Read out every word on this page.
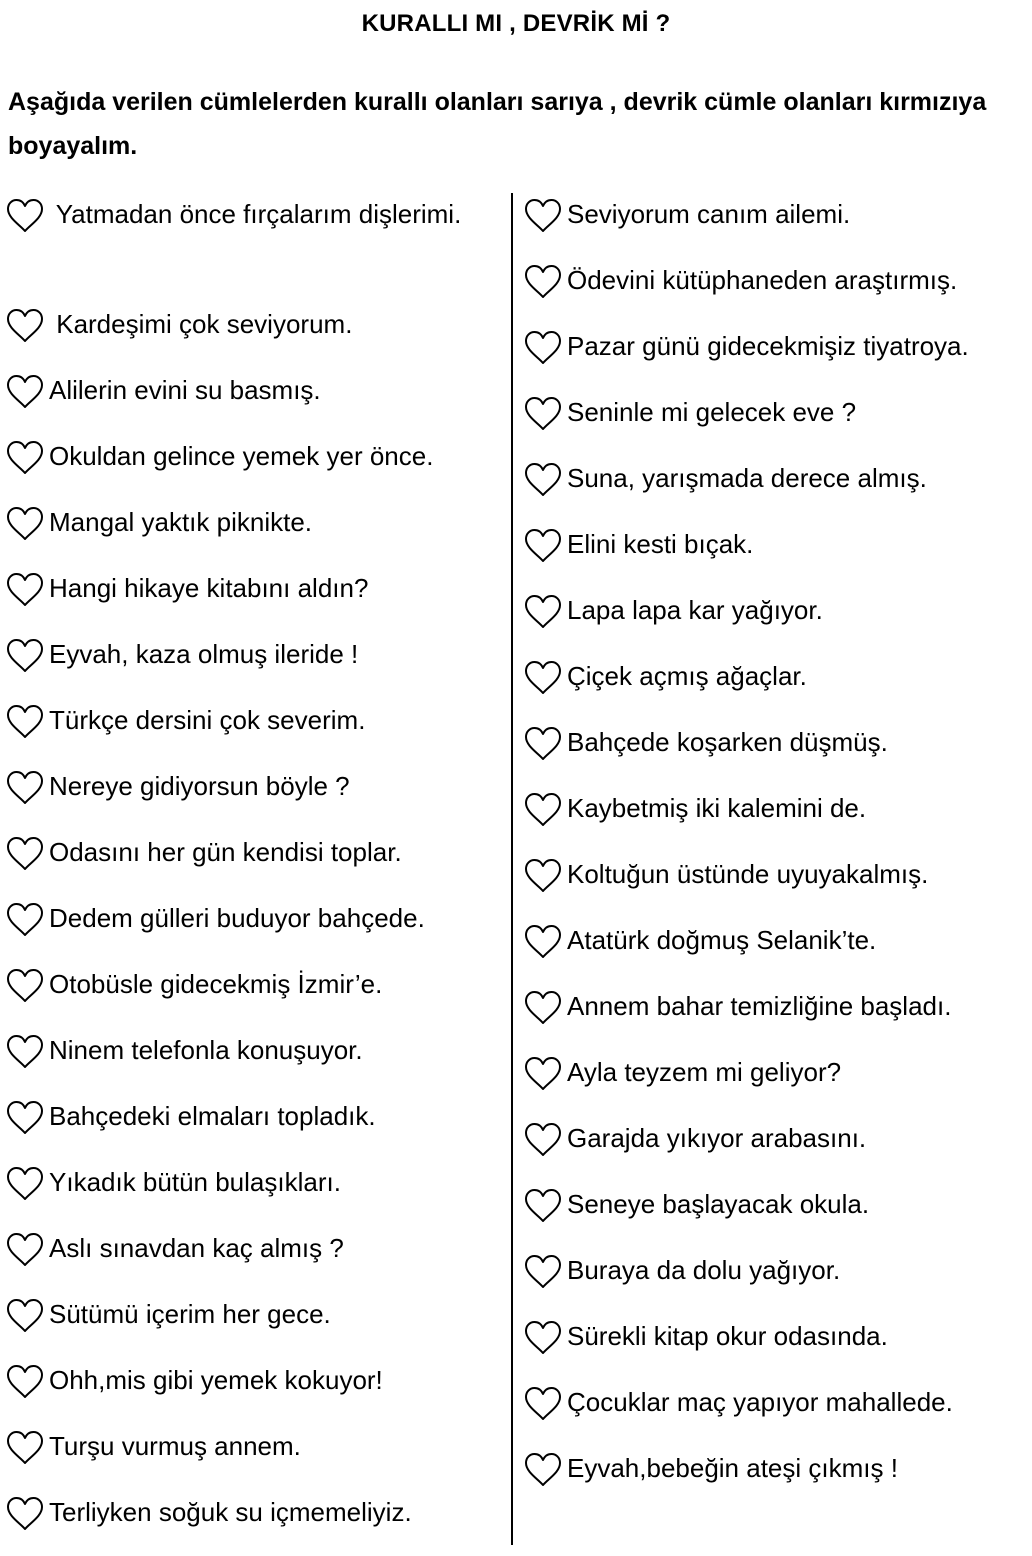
KURALLI MI , DEVRİK Mİ ?
Aşağıda verilen cümlelerden kurallı olanları sarıya , devrik cümle olanları kırmızıya boyayalım.
Yatmadan önce fırçalarım dişlerimi.
Kardeşimi çok seviyorum.
Alilerin evini su basmış.
Okuldan gelince yemek yer önce.
Mangal yaktık piknikte.
Hangi hikaye kitabını aldın?
Eyvah, kaza olmuş ileride !
Türkçe dersini çok severim.
Nereye gidiyorsun böyle ?
Odasını her gün kendisi toplar.
Dedem gülleri buduyor bahçede.
Otobüsle gidecekmiş İzmir’e.
Ninem telefonla konuşuyor.
Bahçedeki elmaları topladık.
Yıkadık bütün bulaşıkları.
Aslı sınavdan kaç almış ?
Sütümü içerim her gece.
Ohh,mis gibi yemek kokuyor!
Turşu vurmuş annem.
Terliyken soğuk su içmemeliyiz.
Seviyorum canım ailemi.
Ödevini kütüphaneden araştırmış.
Pazar günü gidecekmişiz tiyatroya.
Seninle mi gelecek eve ?
Suna, yarışmada derece almış.
Elini kesti bıçak.
Lapa lapa kar yağıyor.
Çiçek açmış ağaçlar.
Bahçede koşarken düşmüş.
Kaybetmiş iki kalemini de.
Koltuğun üstünde uyuyakalmış.
Atatürk doğmuş Selanik’te.
Annem bahar temizliğine başladı.
Ayla teyzem mi geliyor?
Garajda yıkıyor arabasını.
Seneye başlayacak okula.
Buraya da dolu yağıyor.
Sürekli kitap okur odasında.
Çocuklar maç yapıyor mahallede.
Eyvah,bebeğin ateşi çıkmış !
